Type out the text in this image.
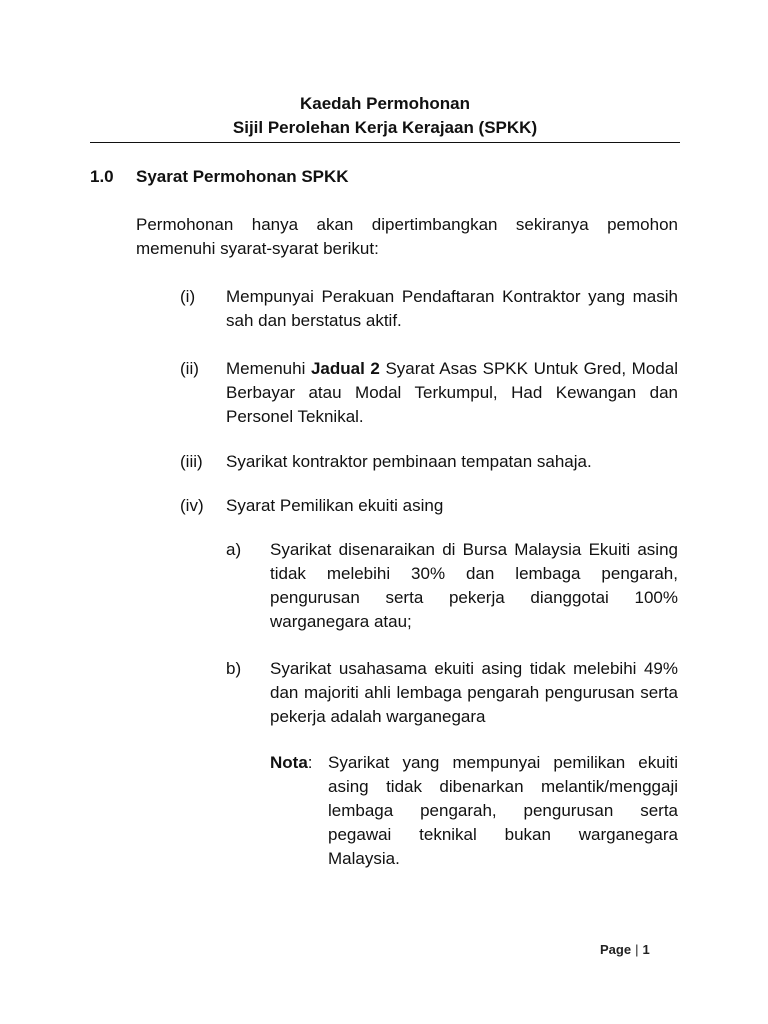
Kaedah Permohonan
Sijil Perolehan Kerja Kerajaan (SPKK)
1.0 Syarat Permohonan SPKK
Permohonan hanya akan dipertimbangkan sekiranya pemohon memenuhi syarat-syarat berikut:
(i) Mempunyai Perakuan Pendaftaran Kontraktor yang masih sah dan berstatus aktif.
(ii) Memenuhi Jadual 2 Syarat Asas SPKK Untuk Gred, Modal Berbayar atau Modal Terkumpul, Had Kewangan dan Personel Teknikal.
(iii) Syarikat kontraktor pembinaan tempatan sahaja.
(iv) Syarat Pemilikan ekuiti asing
a) Syarikat disenaraikan di Bursa Malaysia Ekuiti asing tidak melebihi 30% dan lembaga pengarah, pengurusan serta pekerja dianggotai 100% warganegara atau;
b) Syarikat usahasama ekuiti asing tidak melebihi 49% dan majoriti ahli lembaga pengarah pengurusan serta pekerja adalah warganegara
Nota: Syarikat yang mempunyai pemilikan ekuiti asing tidak dibenarkan melantik/menggaji lembaga pengarah, pengurusan serta pegawai teknikal bukan warganegara Malaysia.
Page | 1
